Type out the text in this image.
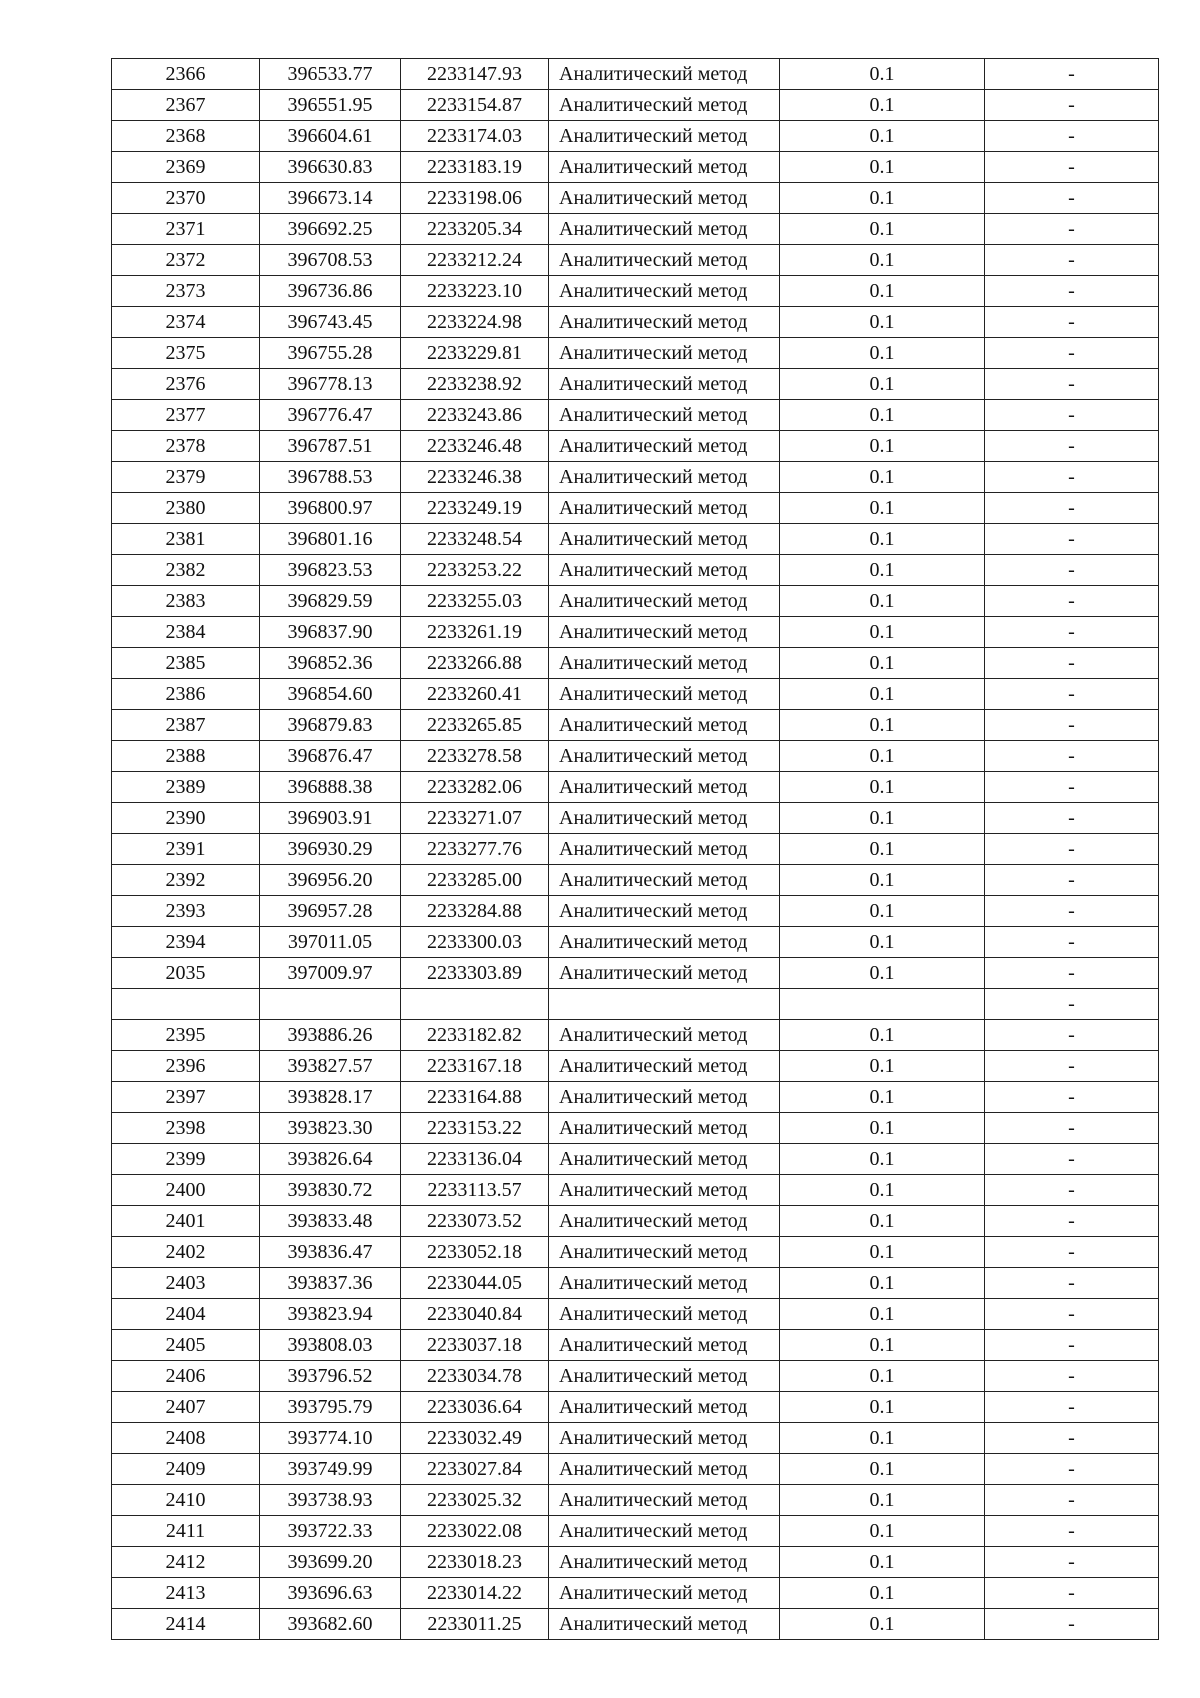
2366	396533.77	2233147.93	Аналитический метод	0.1	-
2367	396551.95	2233154.87	Аналитический метод	0.1	-
2368	396604.61	2233174.03	Аналитический метод	0.1	-
2369	396630.83	2233183.19	Аналитический метод	0.1	-
2370	396673.14	2233198.06	Аналитический метод	0.1	-
2371	396692.25	2233205.34	Аналитический метод	0.1	-
2372	396708.53	2233212.24	Аналитический метод	0.1	-
2373	396736.86	2233223.10	Аналитический метод	0.1	-
2374	396743.45	2233224.98	Аналитический метод	0.1	-
2375	396755.28	2233229.81	Аналитический метод	0.1	-
2376	396778.13	2233238.92	Аналитический метод	0.1	-
2377	396776.47	2233243.86	Аналитический метод	0.1	-
2378	396787.51	2233246.48	Аналитический метод	0.1	-
2379	396788.53	2233246.38	Аналитический метод	0.1	-
2380	396800.97	2233249.19	Аналитический метод	0.1	-
2381	396801.16	2233248.54	Аналитический метод	0.1	-
2382	396823.53	2233253.22	Аналитический метод	0.1	-
2383	396829.59	2233255.03	Аналитический метод	0.1	-
2384	396837.90	2233261.19	Аналитический метод	0.1	-
2385	396852.36	2233266.88	Аналитический метод	0.1	-
2386	396854.60	2233260.41	Аналитический метод	0.1	-
2387	396879.83	2233265.85	Аналитический метод	0.1	-
2388	396876.47	2233278.58	Аналитический метод	0.1	-
2389	396888.38	2233282.06	Аналитический метод	0.1	-
2390	396903.91	2233271.07	Аналитический метод	0.1	-
2391	396930.29	2233277.76	Аналитический метод	0.1	-
2392	396956.20	2233285.00	Аналитический метод	0.1	-
2393	396957.28	2233284.88	Аналитический метод	0.1	-
2394	397011.05	2233300.03	Аналитический метод	0.1	-
2035	397009.97	2233303.89	Аналитический метод	0.1	-
					-
2395	393886.26	2233182.82	Аналитический метод	0.1	-
2396	393827.57	2233167.18	Аналитический метод	0.1	-
2397	393828.17	2233164.88	Аналитический метод	0.1	-
2398	393823.30	2233153.22	Аналитический метод	0.1	-
2399	393826.64	2233136.04	Аналитический метод	0.1	-
2400	393830.72	2233113.57	Аналитический метод	0.1	-
2401	393833.48	2233073.52	Аналитический метод	0.1	-
2402	393836.47	2233052.18	Аналитический метод	0.1	-
2403	393837.36	2233044.05	Аналитический метод	0.1	-
2404	393823.94	2233040.84	Аналитический метод	0.1	-
2405	393808.03	2233037.18	Аналитический метод	0.1	-
2406	393796.52	2233034.78	Аналитический метод	0.1	-
2407	393795.79	2233036.64	Аналитический метод	0.1	-
2408	393774.10	2233032.49	Аналитический метод	0.1	-
2409	393749.99	2233027.84	Аналитический метод	0.1	-
2410	393738.93	2233025.32	Аналитический метод	0.1	-
2411	393722.33	2233022.08	Аналитический метод	0.1	-
2412	393699.20	2233018.23	Аналитический метод	0.1	-
2413	393696.63	2233014.22	Аналитический метод	0.1	-
2414	393682.60	2233011.25	Аналитический метод	0.1	-
